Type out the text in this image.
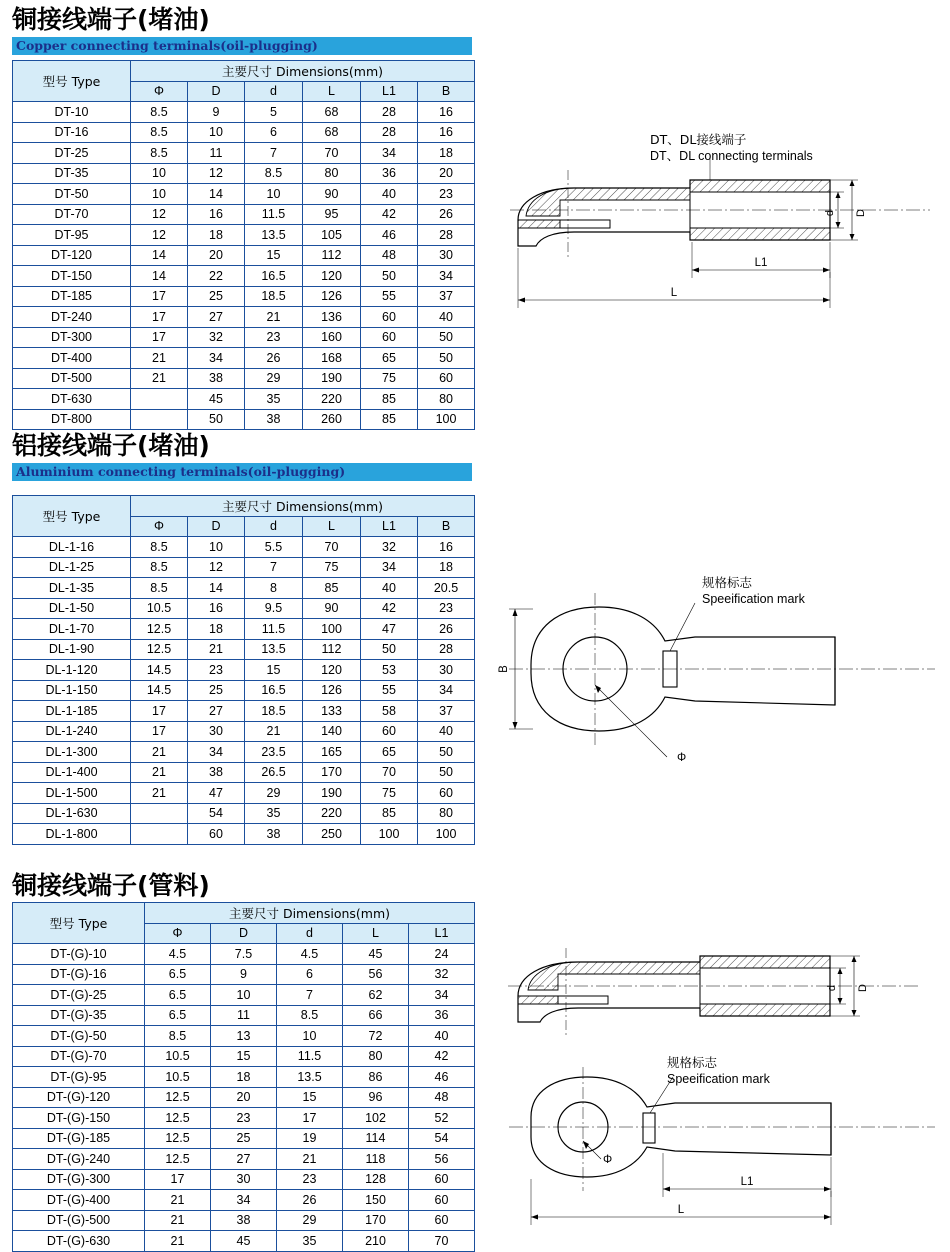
铜接线端子(堵油)
Copper connecting terminals(oil-plugging)
型号 Type	主要尺寸 Dimensions(mm)					
	Φ	D	d	L	L1	B
DT-10	8.5	9	5	68	28	16
DT-16	8.5	10	6	68	28	16
DT-25	8.5	11	7	70	34	18
DT-35	10	12	8.5	80	36	20
DT-50	10	14	10	90	40	23
DT-70	12	16	11.5	95	42	26
DT-95	12	18	13.5	105	46	28
DT-120	14	20	15	112	48	30
DT-150	14	22	16.5	120	50	34
DT-185	17	25	18.5	126	55	37
DT-240	17	27	21	136	60	40
DT-300	17	32	23	160	60	50
DT-400	21	34	26	168	65	50
DT-500	21	38	29	190	75	60
DT-630		45	35	220	85	80
DT-800		50	38	260	85	100
DT、DL接线端子
DT、DL connecting terminals
d D
L1
L
铝接线端子(堵油)
Aluminium connecting terminals(oil-plugging)
型号 Type	主要尺寸 Dimensions(mm)					
	Φ	D	d	L	L1	B
DL-1-16	8.5	10	5.5	70	32	16
DL-1-25	8.5	12	7	75	34	18
DL-1-35	8.5	14	8	85	40	20.5
DL-1-50	10.5	16	9.5	90	42	23
DL-1-70	12.5	18	11.5	100	47	26
DL-1-90	12.5	21	13.5	112	50	28
DL-1-120	14.5	23	15	120	53	30
DL-1-150	14.5	25	16.5	126	55	34
DL-1-185	17	27	18.5	133	58	37
DL-1-240	17	30	21	140	60	40
DL-1-300	21	34	23.5	165	65	50
DL-1-400	21	38	26.5	170	70	50
DL-1-500	21	47	29	190	75	60
DL-1-630		54	35	220	85	80
DL-1-800		60	38	250	100	100
规格标志
Speeification mark
B
Φ
铜接线端子(管料)
型号 Type	主要尺寸 Dimensions(mm)				
	Φ	D	d	L	L1
DT-(G)-10	4.5	7.5	4.5	45	24
DT-(G)-16	6.5	9	6	56	32
DT-(G)-25	6.5	10	7	62	34
DT-(G)-35	6.5	11	8.5	66	36
DT-(G)-50	8.5	13	10	72	40
DT-(G)-70	10.5	15	11.5	80	42
DT-(G)-95	10.5	18	13.5	86	46
DT-(G)-120	12.5	20	15	96	48
DT-(G)-150	12.5	23	17	102	52
DT-(G)-185	12.5	25	19	114	54
DT-(G)-240	12.5	27	21	118	56
DT-(G)-300	17	30	23	128	60
DT-(G)-400	21	34	26	150	60
DT-(G)-500	21	38	29	170	60
DT-(G)-630	21	45	35	210	70
d D
规格标志
Speeification mark
Φ
L1
L
